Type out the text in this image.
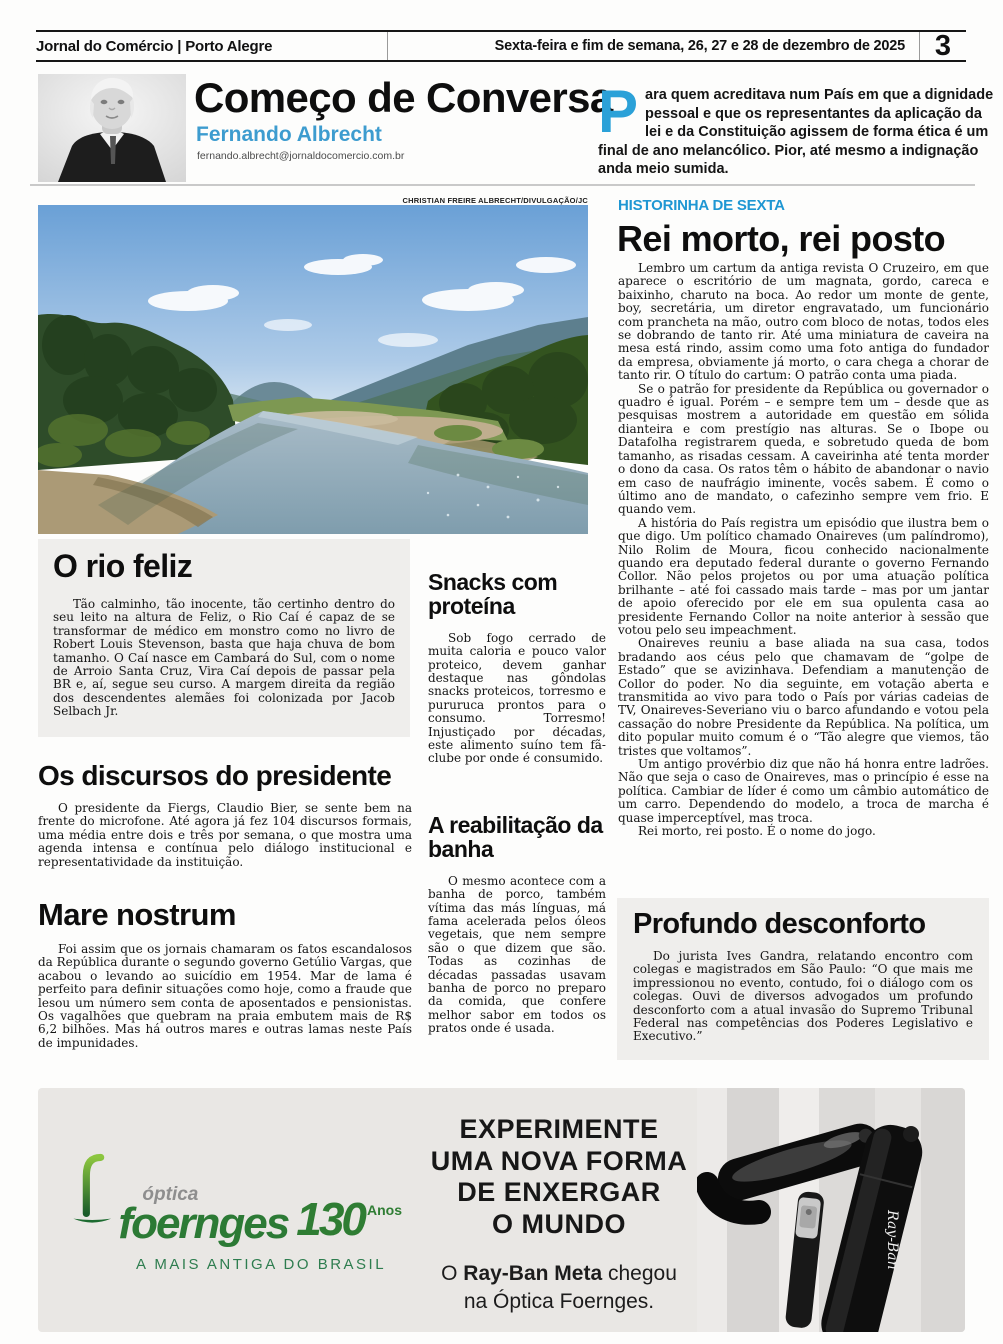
Jornal do Comércio | Porto Alegre	Sexta-feira e fim de semana, 26, 27 e 28 de dezembro de 2025	3
Começo de Conversa
Fernando Albrecht
fernando.albrecht@jornaldocomercio.com.br
Para quem acreditava num País em que a dignidade pessoal e que os representantes da aplicação da lei e da Constituição agissem de forma ética é um final de ano melancólico. Pior, até mesmo a indignação anda meio sumida.
CHRISTIAN FREIRE ALBRECHT/DIVULGAÇÃO/JC
O rio feliz

Tão calminho, tão inocente, tão certinho dentro do seu leito na altura de Feliz, o Rio Caí é capaz de se transformar de médico em monstro como no livro de Robert Louis Stevenson, basta que haja chuva de bom tamanho. O Caí nasce em Cambará do Sul, com o nome de Arroio Santa Cruz, Vira Caí depois de passar pela BR e, aí, segue seu curso. A margem direita da região dos descendentes alemães foi colonizada por Jacob Selbach Jr.

Os discursos do presidente

O presidente da Fiergs, Claudio Bier, se sente bem na frente do microfone. Até agora já fez 104 discursos formais, uma média entre dois e três por semana, o que mostra uma agenda intensa e contínua pelo diálogo institucional e representatividade da instituição.

Mare nostrum

Foi assim que os jornais chamaram os fatos escandalosos da República durante o segundo governo Getúlio Vargas, que acabou o levando ao suicídio em 1954. Mar de lama é perfeito para definir situações como hoje, como a fraude que lesou um número sem conta de aposentados e pensionistas. Os vagalhões que quebram na praia embutem mais de R$ 6,2 bilhões. Mas há outros mares e outras lamas neste País de impunidades.

Snacks com proteína

Sob fogo cerrado de muita caloria e pouco valor proteico, devem ganhar destaque nas gôndolas snacks proteicos, torresmo e pururuca prontos para o consumo. Torresmo! Injustiçado por décadas, este alimento suíno tem fã-clube por onde é consumido.

A reabilitação da banha

O mesmo acontece com a banha de porco, também vítima das más línguas, má fama acelerada pelos óleos vegetais, que nem sempre são o que dizem que são. Todas as cozinhas de décadas passadas usavam banha de porco no preparo da comida, que confere melhor sabor em todos os pratos onde é usada.

HISTORINHA DE SEXTA
Rei morto, rei posto

Lembro um cartum da antiga revista O Cruzeiro, em que aparece o escritório de um magnata, gordo, careca e baixinho, charuto na boca. Ao redor um monte de gente, boy, secretária, um diretor engravatado, um funcionário com prancheta na mão, outro com bloco de notas, todos eles se dobrando de tanto rir. Até uma miniatura de caveira na mesa está rindo, assim como uma foto antiga do fundador da empresa, obviamente já morto, o cara chega a chorar de tanto rir. O título do cartum: O patrão conta uma piada.

Se o patrão for presidente da República ou governador o quadro é igual. Porém – e sempre tem um – desde que as pesquisas mostrem a autoridade em questão em sólida dianteira e com prestígio nas alturas. Se o Ibope ou Datafolha registrarem queda, e sobretudo queda de bom tamanho, as risadas cessam. A caveirinha até tenta morder o dono da casa. Os ratos têm o hábito de abandonar o navio em caso de naufrágio iminente, vocês sabem. É como o último ano de mandato, o cafezinho sempre vem frio. E quando vem.

A história do País registra um episódio que ilustra bem o que digo. Um político chamado Onaireves (um palíndromo), Nilo Rolim de Moura, ficou conhecido nacionalmente quando era deputado federal durante o governo Fernando Collor. Não pelos projetos ou por uma atuação política brilhante – até foi cassado mais tarde – mas por um jantar de apoio oferecido por ele em sua opulenta casa ao presidente Fernando Collor na noite anterior à sessão que votou pelo seu impeachment.

Onaireves reuniu a base aliada na sua casa, todos bradando aos céus pelo que chamavam de “golpe de Estado” que se avizinhava. Defendiam a manutenção de Collor do poder. No dia seguinte, em votação aberta e transmitida ao vivo para todo o País por várias cadeias de TV, Onaireves-Severiano viu o barco afundando e votou pela cassação do nobre Presidente da República. Na política, um dito popular muito comum é o “Tão alegre que viemos, tão tristes que voltamos”.

Um antigo provérbio diz que não há honra entre ladrões. Não que seja o caso de Onaireves, mas o princípio é esse na política. Cambiar de líder é como um câmbio automático de um carro. Dependendo do modelo, a troca de marcha é quase imperceptível, mas troca.

Rei morto, rei posto. É o nome do jogo.

Profundo desconforto

Do jurista Ives Gandra, relatando encontro com colegas e magistrados em São Paulo: “O que mais me impressionou no evento, contudo, foi o diálogo com os colegas. Ouvi de diversos advogados um profundo desconforto com a atual invasão do Supremo Tribunal Federal nas competências dos Poderes Legislativo e Executivo.”

óptica
foernges 130 Anos
A MAIS ANTIGA DO BRASIL
EXPERIMENTE
UMA NOVA FORMA
DE ENXERGAR
O MUNDO
O Ray-Ban Meta chegou
na Óptica Foernges.
Ray-Ban
